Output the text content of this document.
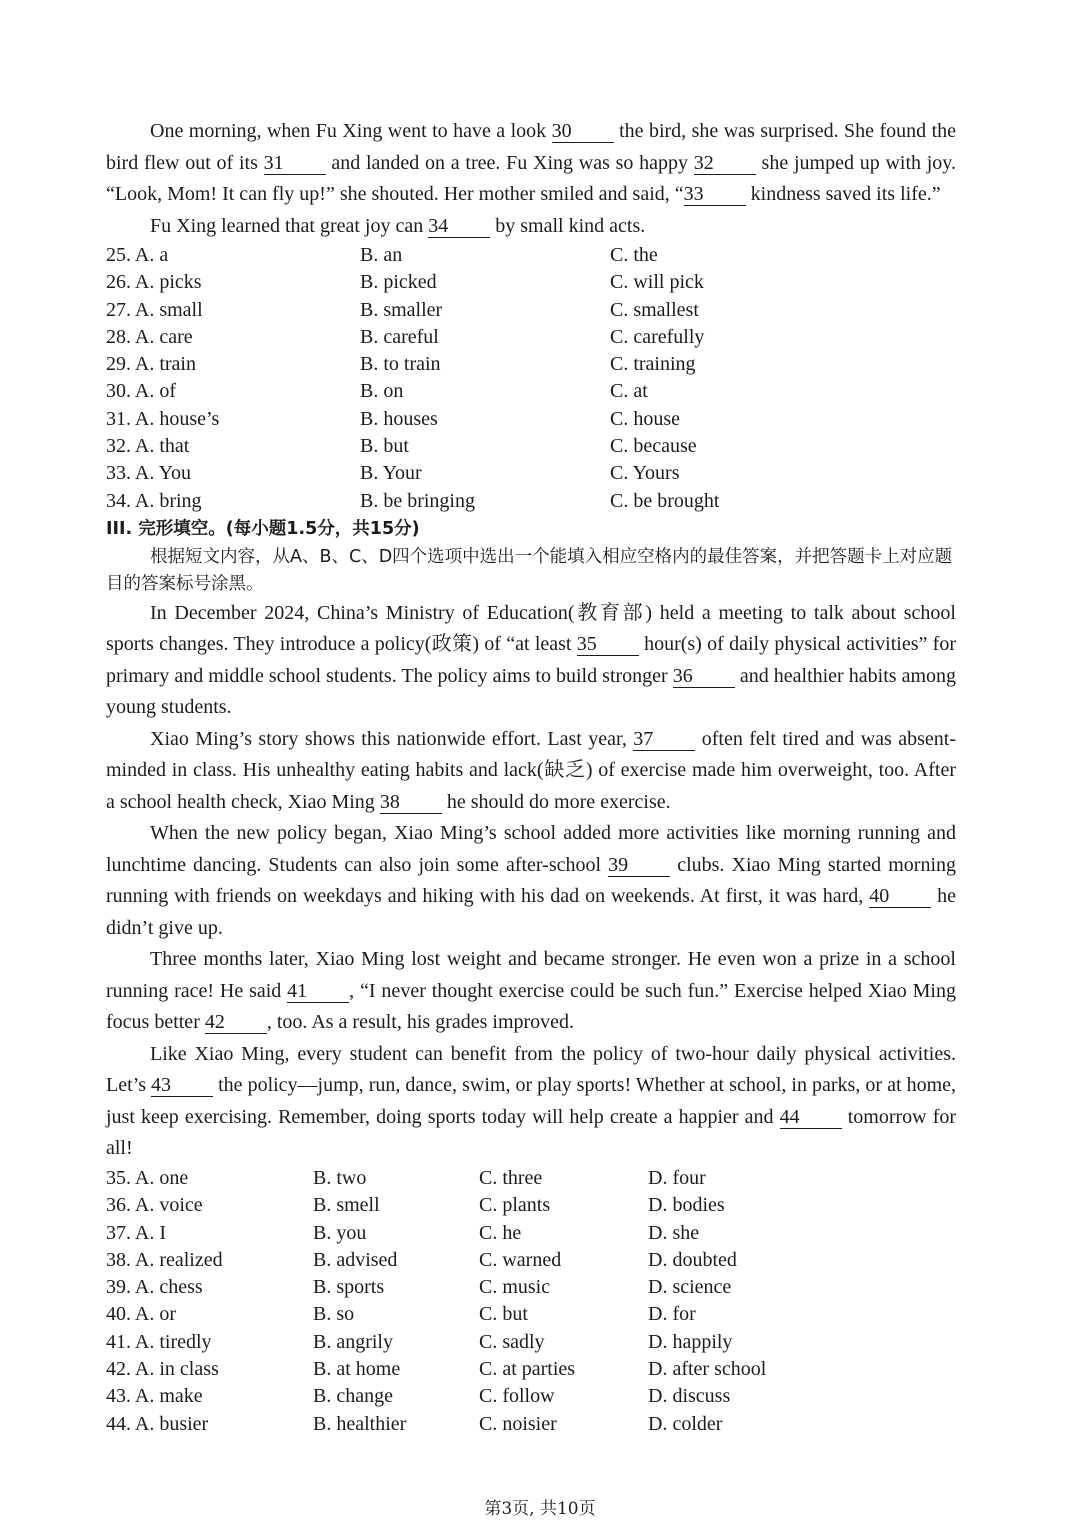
One morning, when Fu Xing went to have a look 30 the bird, she was surprised. She found the bird flew out of its 31 and landed on a tree. Fu Xing was so happy 32 she jumped up with joy. “Look, Mom! It can fly up!” she shouted. Her mother smiled and said, “33 kindness saved its life.”

Fu Xing learned that great joy can 34 by small kind acts.

25. A. a	B. an	C. the
26. A. picks	B. picked	C. will pick
27. A. small	B. smaller	C. smallest
28. A. care	B. careful	C. carefully
29. A. train	B. to train	C. training
30. A. of	B. on	C. at
31. A. house’s	B. houses	C. house
32. A. that	B. but	C. because
33. A. You	B. Your	C. Yours
34. A. bring	B. be bringing	C. be brought

III. 完形填空。(每小题1.5分，共15分)

根据短文内容，从A、B、C、D四个选项中选出一个能填入相应空格内的最佳答案，并把答题卡上对应题目的答案标号涂黑。

In December 2024, China’s Ministry of Education(教育部) held a meeting to talk about school sports changes. They introduce a policy(政策) of “at least 35 hour(s) of daily physical activities” for primary and middle school students. The policy aims to build stronger 36 and healthier habits among young students.

Xiao Ming’s story shows this nationwide effort. Last year, 37 often felt tired and was absent-minded in class. His unhealthy eating habits and lack(缺乏) of exercise made him overweight, too. After a school health check, Xiao Ming 38 he should do more exercise.

When the new policy began, Xiao Ming’s school added more activities like morning running and lunchtime dancing. Students can also join some after-school 39 clubs. Xiao Ming started morning running with friends on weekdays and hiking with his dad on weekends. At first, it was hard, 40 he didn’t give up.

Three months later, Xiao Ming lost weight and became stronger. He even won a prize in a school running race! He said 41 , “I never thought exercise could be such fun.” Exercise helped Xiao Ming focus better 42 , too. As a result, his grades improved.

Like Xiao Ming, every student can benefit from the policy of two-hour daily physical activities. Let’s 43 the policy—jump, run, dance, swim, or play sports! Whether at school, in parks, or at home, just keep exercising. Remember, doing sports today will help create a happier and 44 tomorrow for all!

35. A. one	B. two	C. three	D. four
36. A. voice	B. smell	C. plants	D. bodies
37. A. I	B. you	C. he	D. she
38. A. realized	B. advised	C. warned	D. doubted
39. A. chess	B. sports	C. music	D. science
40. A. or	B. so	C. but	D. for
41. A. tiredly	B. angrily	C. sadly	D. happily
42. A. in class	B. at home	C. at parties	D. after school
43. A. make	B. change	C. follow	D. discuss
44. A. busier	B. healthier	C. noisier	D. colder
第3页, 共10页
